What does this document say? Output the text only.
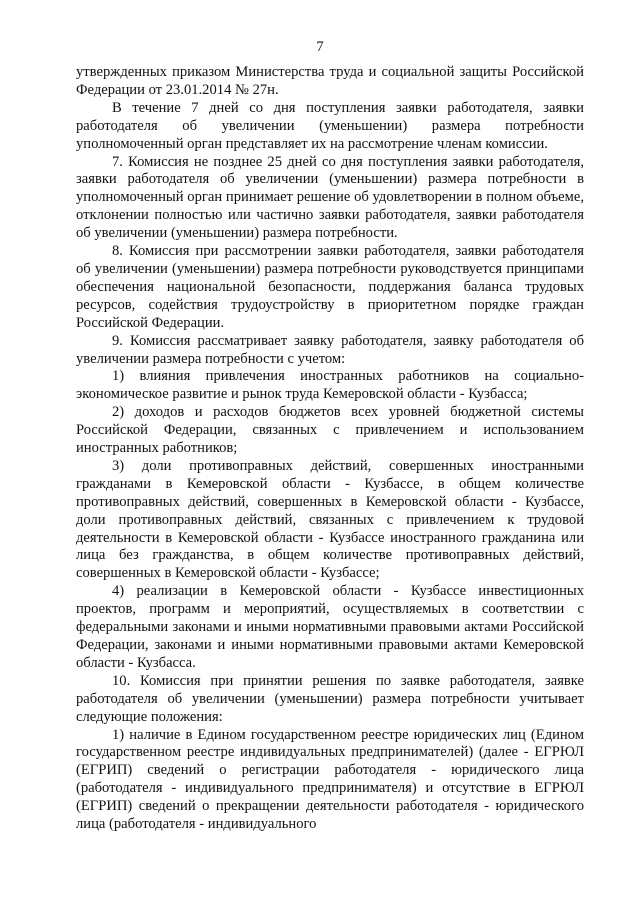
7

утвержденных приказом Министерства труда и социальной защиты Российской Федерации от 23.01.2014 № 27н.

В течение 7 дней со дня поступления заявки работодателя, заявки работодателя об увеличении (уменьшении) размера потребности уполномоченный орган представляет их на рассмотрение членам комиссии.

7. Комиссия не позднее 25 дней со дня поступления заявки работодателя, заявки работодателя об увеличении (уменьшении) размера потребности в уполномоченный орган принимает решение об удовлетворении в полном объеме, отклонении полностью или частично заявки работодателя, заявки работодателя об увеличении (уменьшении) размера потребности.

8. Комиссия при рассмотрении заявки работодателя, заявки работодателя об увеличении (уменьшении) размера потребности руководствуется принципами обеспечения национальной безопасности, поддержания баланса трудовых ресурсов, содействия трудоустройству в приоритетном порядке граждан Российской Федерации.

9. Комиссия рассматривает заявку работодателя, заявку работодателя об увеличении размера потребности с учетом:

1) влияния привлечения иностранных работников на социально-экономическое развитие и рынок труда Кемеровской области - Кузбасса;

2) доходов и расходов бюджетов всех уровней бюджетной системы Российской Федерации, связанных с привлечением и использованием иностранных работников;

3) доли противоправных действий, совершенных иностранными гражданами в Кемеровской области - Кузбассе, в общем количестве противоправных действий, совершенных в Кемеровской области - Кузбассе, доли противоправных действий, связанных с привлечением к трудовой деятельности в Кемеровской области - Кузбассе иностранного гражданина или лица без гражданства, в общем количестве противоправных действий, совершенных в Кемеровской области - Кузбассе;

4) реализации в Кемеровской области - Кузбассе инвестиционных проектов, программ и мероприятий, осуществляемых в соответствии с федеральными законами и иными нормативными правовыми актами Российской Федерации, законами и иными нормативными правовыми актами Кемеровской области - Кузбасса.

10. Комиссия при принятии решения по заявке работодателя, заявке работодателя об увеличении (уменьшении) размера потребности учитывает следующие положения:

1) наличие в Едином государственном реестре юридических лиц (Едином государственном реестре индивидуальных предпринимателей) (далее - ЕГРЮЛ (ЕГРИП) сведений о регистрации работодателя - юридического лица (работодателя - индивидуального предпринимателя) и отсутствие в ЕГРЮЛ (ЕГРИП) сведений о прекращении деятельности работодателя - юридического лица (работодателя - индивидуального
